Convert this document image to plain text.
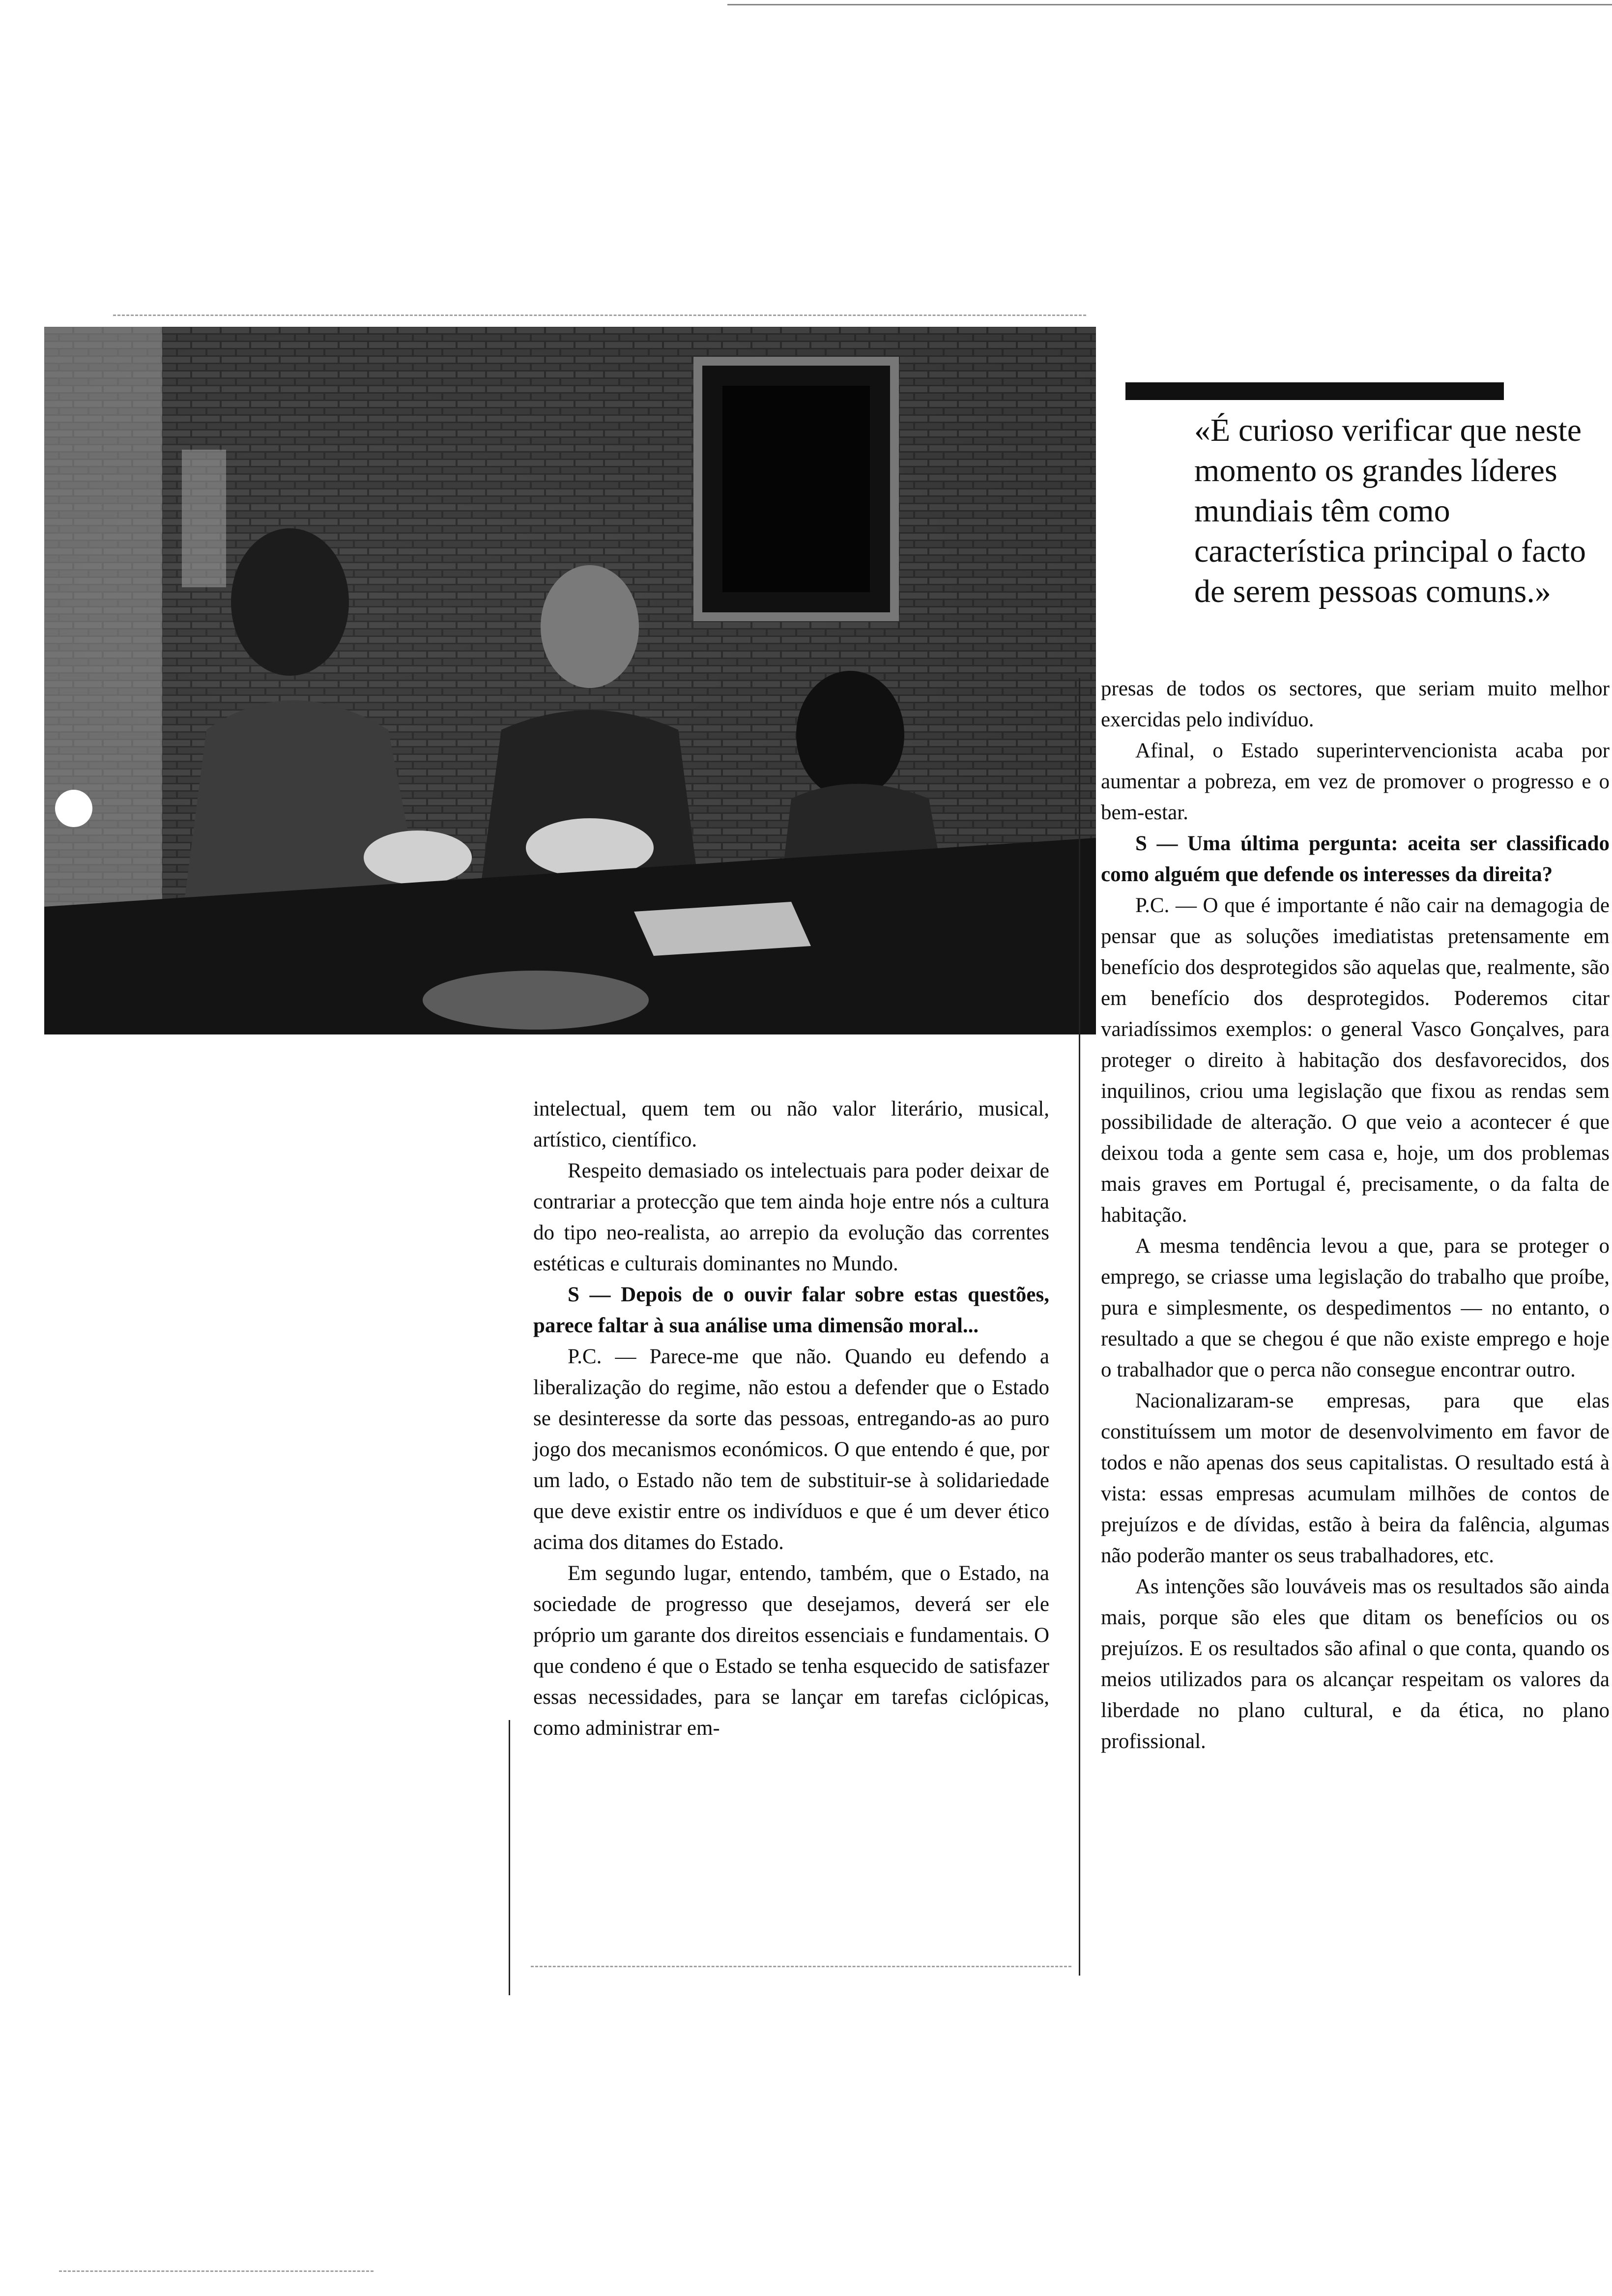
«É curioso verificar que neste momento os grandes líderes mundiais têm como característica principal o facto de serem pessoas comuns.»

intelectual, quem tem ou não valor literário, musical, artístico, científico.

Respeito demasiado os intelectuais para poder deixar de contrariar a protecção que tem ainda hoje entre nós a cultura do tipo neo-realista, ao arrepio da evolução das correntes estéticas e culturais dominantes no Mundo.

S — Depois de o ouvir falar sobre estas questões, parece faltar à sua análise uma dimensão moral...

P.C. — Parece-me que não. Quando eu defendo a liberalização do regime, não estou a defender que o Estado se desinteresse da sorte das pessoas, entregando-as ao puro jogo dos mecanismos económicos. O que entendo é que, por um lado, o Estado não tem de substituir-se à solidariedade que deve existir entre os indivíduos e que é um dever ético acima dos ditames do Estado.

Em segundo lugar, entendo, também, que o Estado, na sociedade de progresso que desejamos, deverá ser ele próprio um garante dos direitos essenciais e fundamentais. O que condeno é que o Estado se tenha esquecido de satisfazer essas necessidades, para se lançar em tarefas ciclópicas, como administrar em-

presas de todos os sectores, que seriam muito melhor exercidas pelo indivíduo.

Afinal, o Estado superintervencionista acaba por aumentar a pobreza, em vez de promover o progresso e o bem-estar.

S — Uma última pergunta: aceita ser classificado como alguém que defende os interesses da direita?

P.C. — O que é importante é não cair na demagogia de pensar que as soluções imediatistas pretensamente em benefício dos desprotegidos são aquelas que, realmente, são em benefício dos desprotegidos. Poderemos citar variadíssimos exemplos: o general Vasco Gonçalves, para proteger o direito à habitação dos desfavorecidos, dos inquilinos, criou uma legislação que fixou as rendas sem possibilidade de alteração. O que veio a acontecer é que deixou toda a gente sem casa e, hoje, um dos problemas mais graves em Portugal é, precisamente, o da falta de habitação.

A mesma tendência levou a que, para se proteger o emprego, se criasse uma legislação do trabalho que proíbe, pura e simplesmente, os despedimentos — no entanto, o resultado a que se chegou é que não existe emprego e hoje o trabalhador que o perca não consegue encontrar outro.

Nacionalizaram-se empresas, para que elas constituíssem um motor de desenvolvimento em favor de todos e não apenas dos seus capitalistas. O resultado está à vista: essas empresas acumulam milhões de contos de prejuízos e de dívidas, estão à beira da falência, algumas não poderão manter os seus trabalhadores, etc.

As intenções são louváveis mas os resultados são ainda mais, porque são eles que ditam os benefícios ou os prejuízos. E os resultados são afinal o que conta, quando os meios utilizados para os alcançar respeitam os valores da liberdade no plano cultural, e da ética, no plano profissional.
